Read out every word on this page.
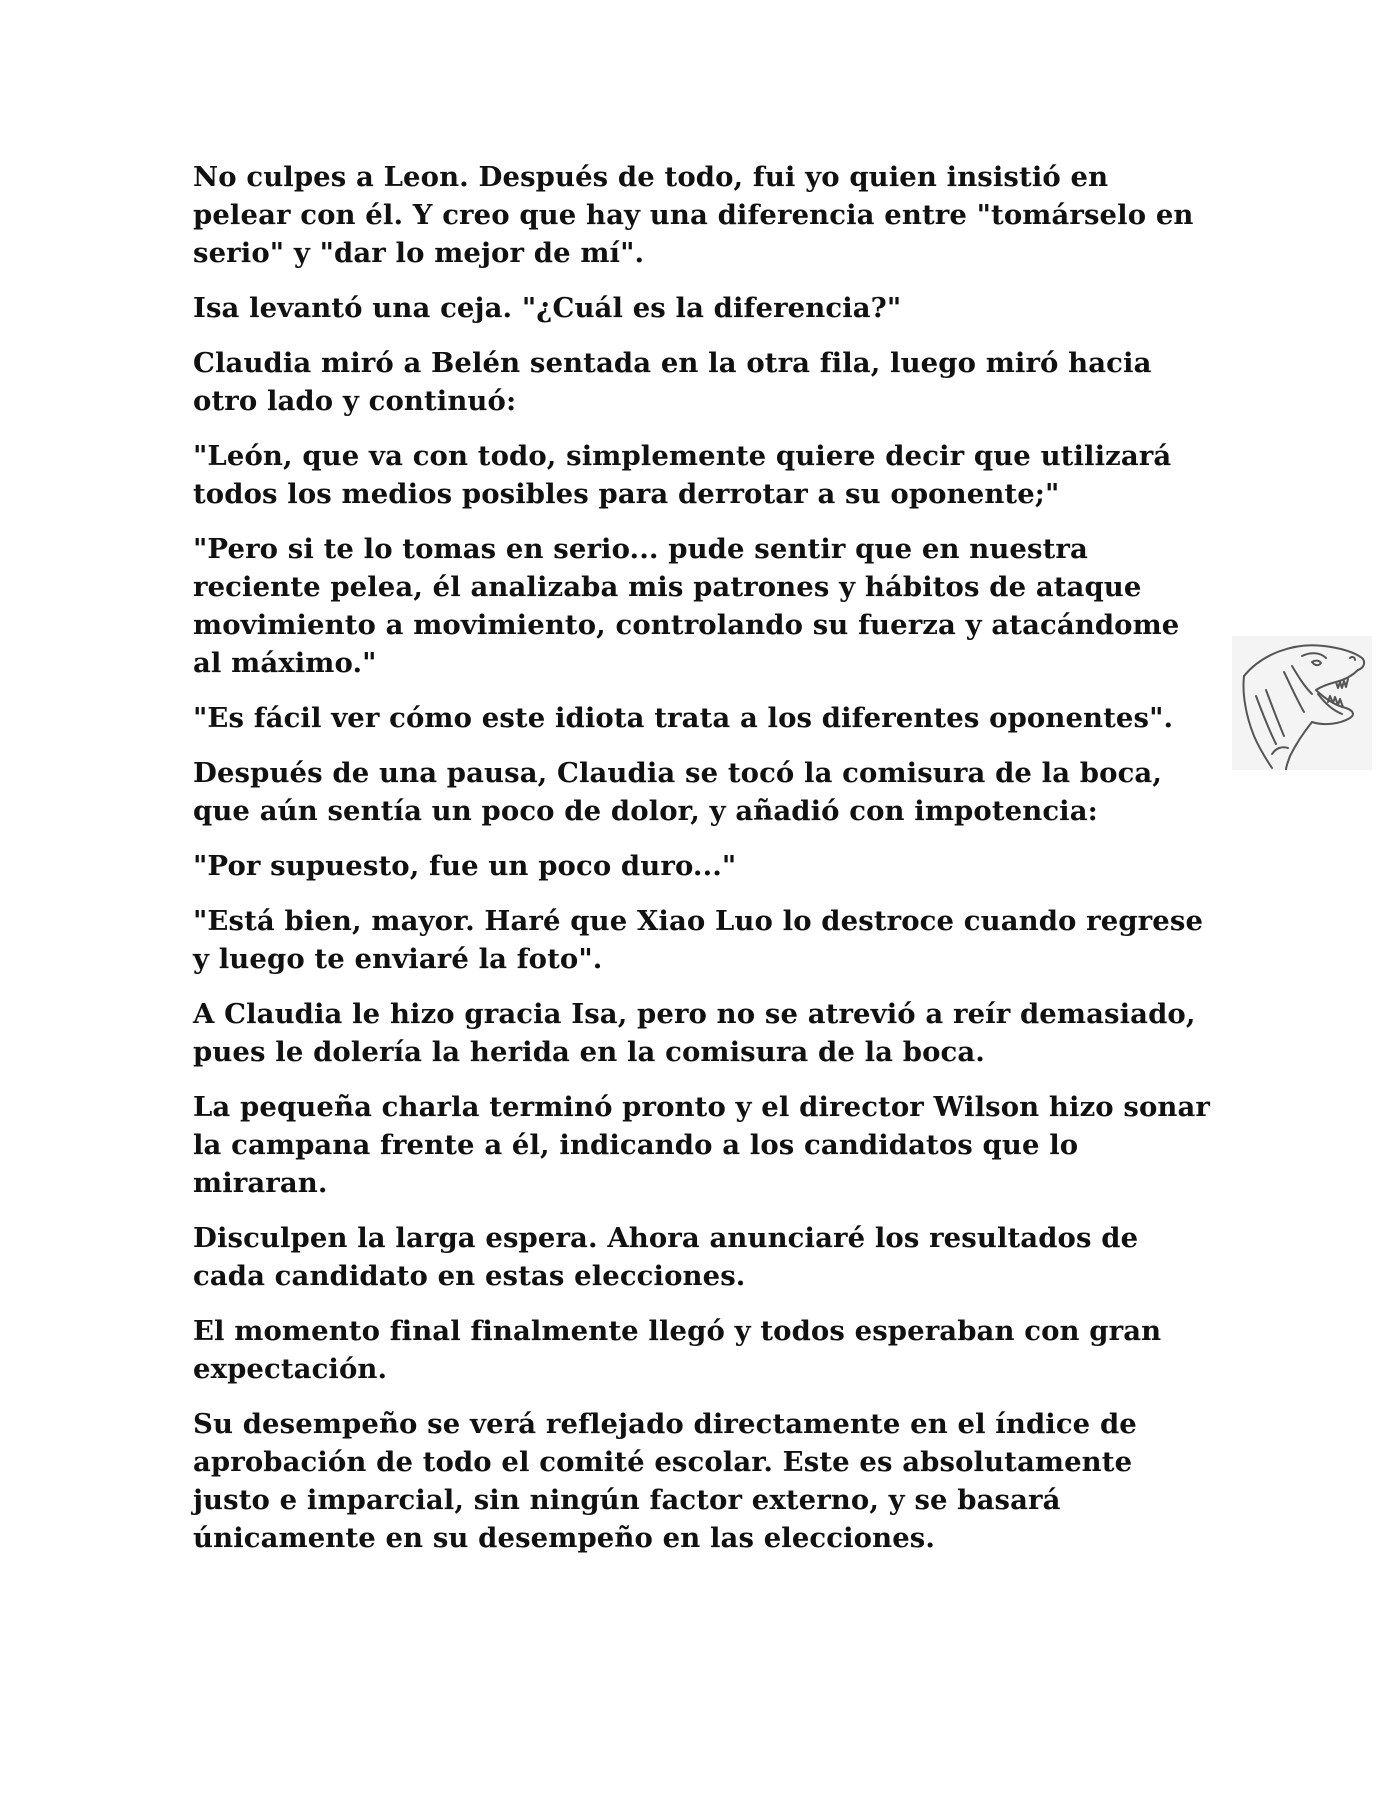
No culpes a Leon. Después de todo, fui yo quien insistió en pelear con él. Y creo que hay una diferencia entre "tomárselo en serio" y "dar lo mejor de mí".

Isa levantó una ceja. "¿Cuál es la diferencia?"

Claudia miró a Belén sentada en la otra fila, luego miró hacia otro lado y continuó:

"León, que va con todo, simplemente quiere decir que utilizará todos los medios posibles para derrotar a su oponente;"

"Pero si te lo tomas en serio... pude sentir que en nuestra reciente pelea, él analizaba mis patrones y hábitos de ataque movimiento a movimiento, controlando su fuerza y atacándome al máximo."

"Es fácil ver cómo este idiota trata a los diferentes oponentes".

Después de una pausa, Claudia se tocó la comisura de la boca, que aún sentía un poco de dolor, y añadió con impotencia:

"Por supuesto, fue un poco duro..."

"Está bien, mayor. Haré que Xiao Luo lo destroce cuando regrese y luego te enviaré la foto".

A Claudia le hizo gracia Isa, pero no se atrevió a reír demasiado, pues le dolería la herida en la comisura de la boca.

La pequeña charla terminó pronto y el director Wilson hizo sonar la campana frente a él, indicando a los candidatos que lo miraran.

Disculpen la larga espera. Ahora anunciaré los resultados de cada candidato en estas elecciones.

El momento final finalmente llegó y todos esperaban con gran expectación.

Su desempeño se verá reflejado directamente en el índice de aprobación de todo el comité escolar. Este es absolutamente justo e imparcial, sin ningún factor externo, y se basará únicamente en su desempeño en las elecciones.
